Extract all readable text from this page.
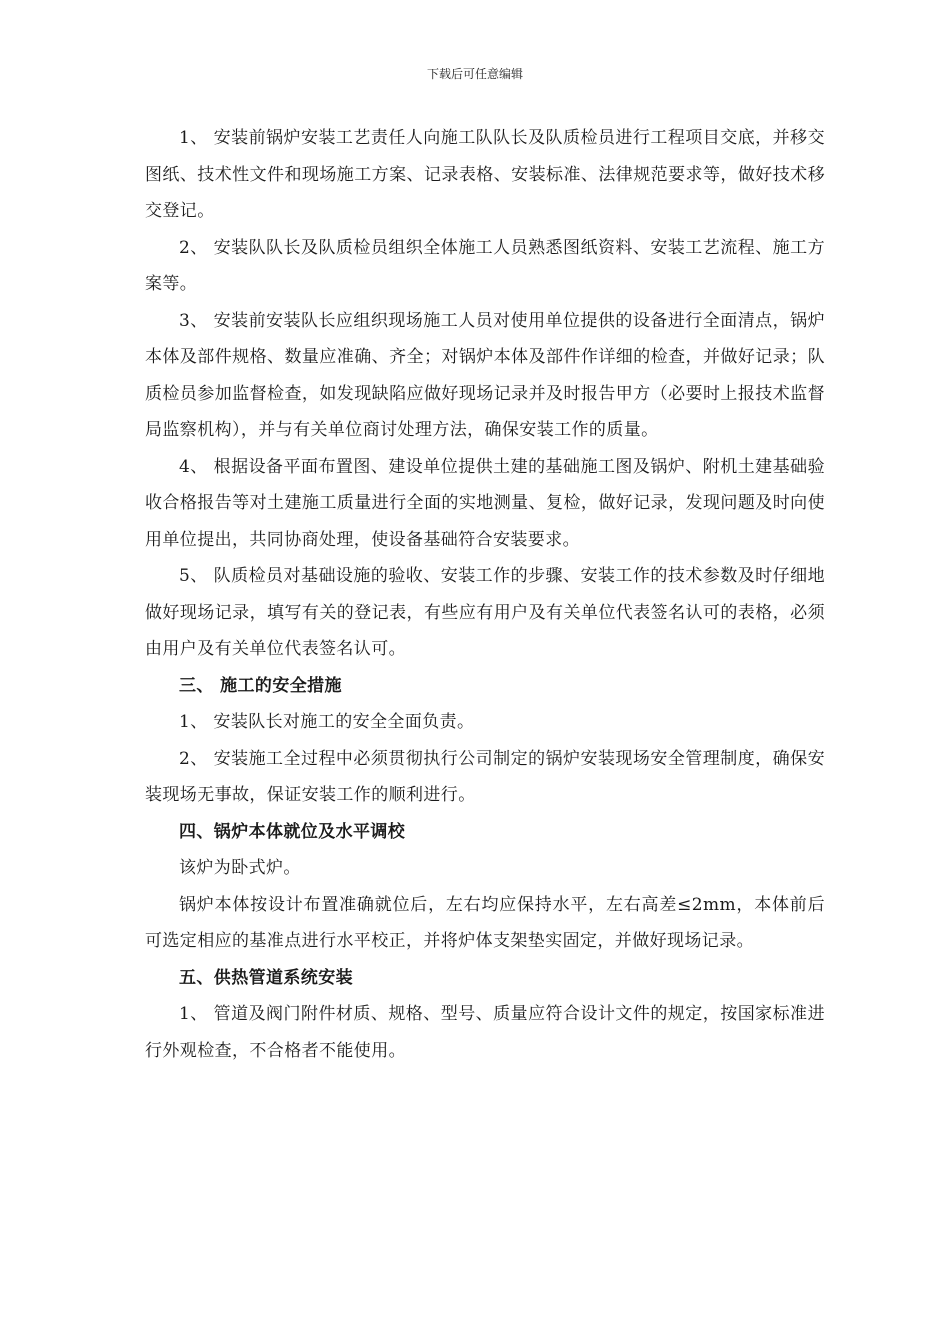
下载后可任意编辑

1、 安装前锅炉安装工艺责任人向施工队队长及队质检员进行工程项目交底，并移交图纸、技术性文件和现场施工方案、记录表格、安装标准、法律规范要求等，做好技术移交登记。

2、 安装队队长及队质检员组织全体施工人员熟悉图纸资料、安装工艺流程、施工方案等。

3、 安装前安装队长应组织现场施工人员对使用单位提供的设备进行全面清点，锅炉本体及部件规格、数量应准确、齐全；对锅炉本体及部件作详细的检查，并做好记录；队质检员参加监督检查，如发现缺陷应做好现场记录并及时报告甲方（必要时上报技术监督局监察机构），并与有关单位商讨处理方法，确保安装工作的质量。

4、 根据设备平面布置图、建设单位提供土建的基础施工图及锅炉、附机土建基础验收合格报告等对土建施工质量进行全面的实地测量、复检，做好记录，发现问题及时向使用单位提出，共同协商处理，使设备基础符合安装要求。

5、 队质检员对基础设施的验收、安装工作的步骤、安装工作的技术参数及时仔细地做好现场记录，填写有关的登记表，有些应有用户及有关单位代表签名认可的表格，必须由用户及有关单位代表签名认可。

三、 施工的安全措施

1、 安装队长对施工的安全全面负责。

2、 安装施工全过程中必须贯彻执行公司制定的锅炉安装现场安全管理制度，确保安装现场无事故，保证安装工作的顺利进行。

四、锅炉本体就位及水平调校

该炉为卧式炉。

锅炉本体按设计布置准确就位后，左右均应保持水平，左右高差≤2mm，本体前后可选定相应的基准点进行水平校正，并将炉体支架垫实固定，并做好现场记录。

五、供热管道系统安装

1、 管道及阀门附件材质、规格、型号、质量应符合设计文件的规定，按国家标准进行外观检查，不合格者不能使用。
